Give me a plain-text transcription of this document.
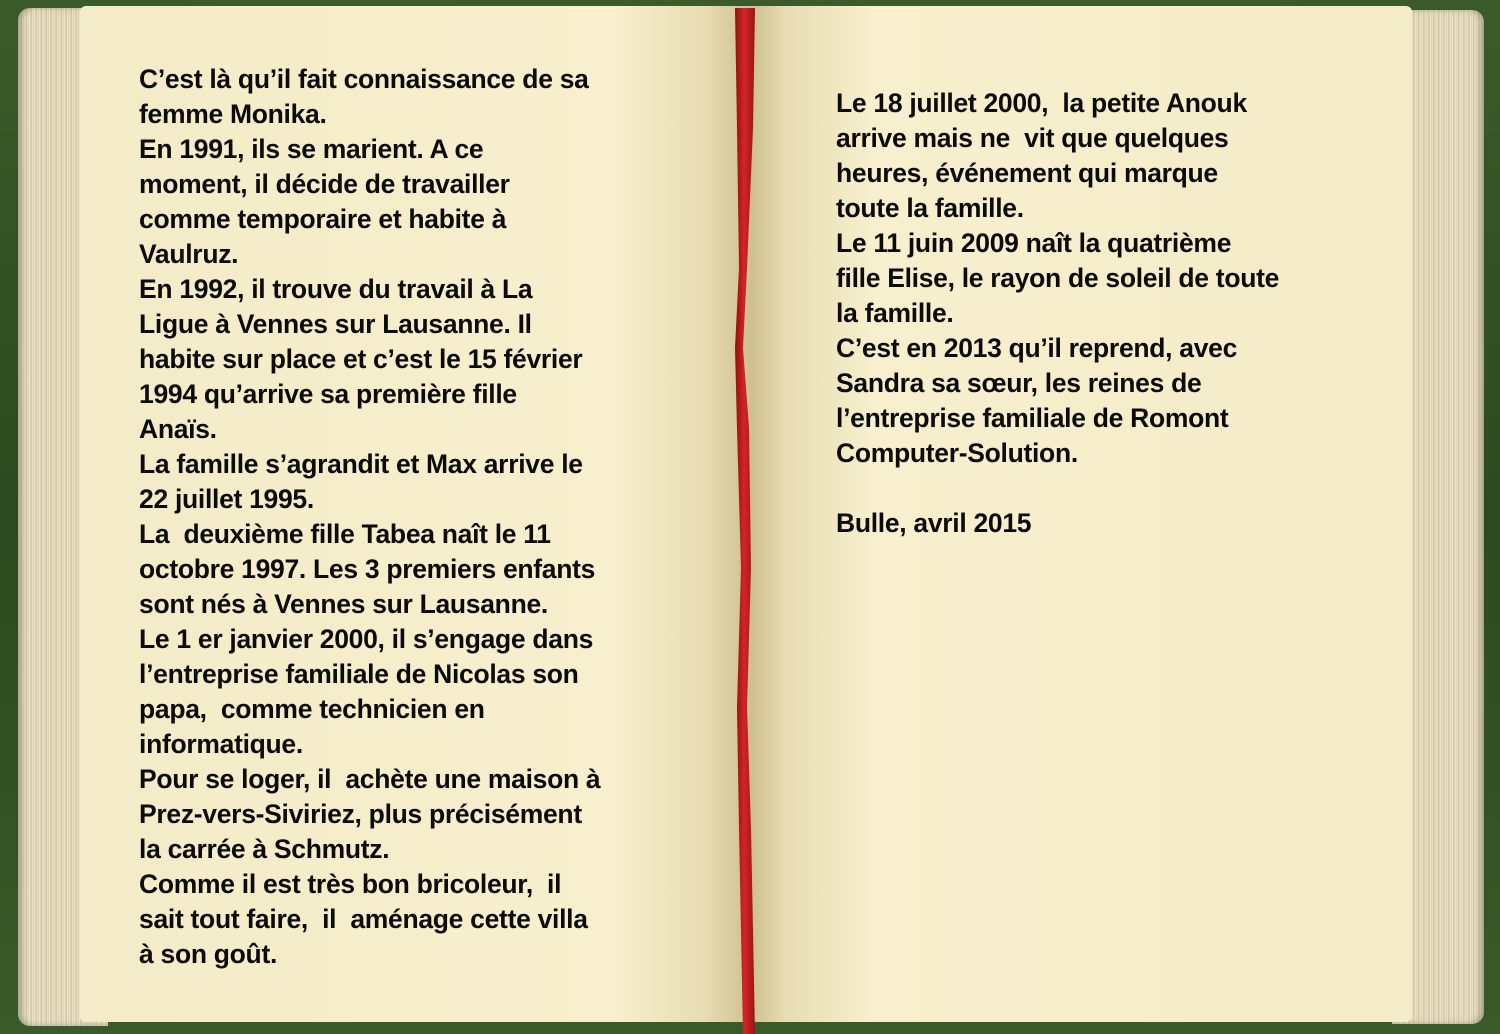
C’est là qu’il fait connaissance de sa
femme Monika.
En 1991, ils se marient. A ce
moment, il décide de travailler
comme temporaire et habite à
Vaulruz.
En 1992, il trouve du travail à La
Ligue à Vennes sur Lausanne. Il
habite sur place et c’est le 15 février
1994 qu’arrive sa première fille
Anaïs.
La famille s’agrandit et Max arrive le
22 juillet 1995.
La  deuxième fille Tabea naît le 11
octobre 1997. Les 3 premiers enfants
sont nés à Vennes sur Lausanne.
Le 1 er janvier 2000, il s’engage dans
l’entreprise familiale de Nicolas son
papa,  comme technicien en
informatique.
Pour se loger, il  achète une maison à
Prez-vers-Siviriez, plus précisément
la carrée à Schmutz.
Comme il est très bon bricoleur,  il
sait tout faire,  il  aménage cette villa
à son goût.
Le 18 juillet 2000,  la petite Anouk
arrive mais ne  vit que quelques
heures, événement qui marque
toute la famille.
Le 11 juin 2009 naît la quatrième
fille Elise, le rayon de soleil de toute
la famille.
C’est en 2013 qu’il reprend, avec
Sandra sa sœur, les reines de
l’entreprise familiale de Romont
Computer-Solution.
Bulle, avril 2015
